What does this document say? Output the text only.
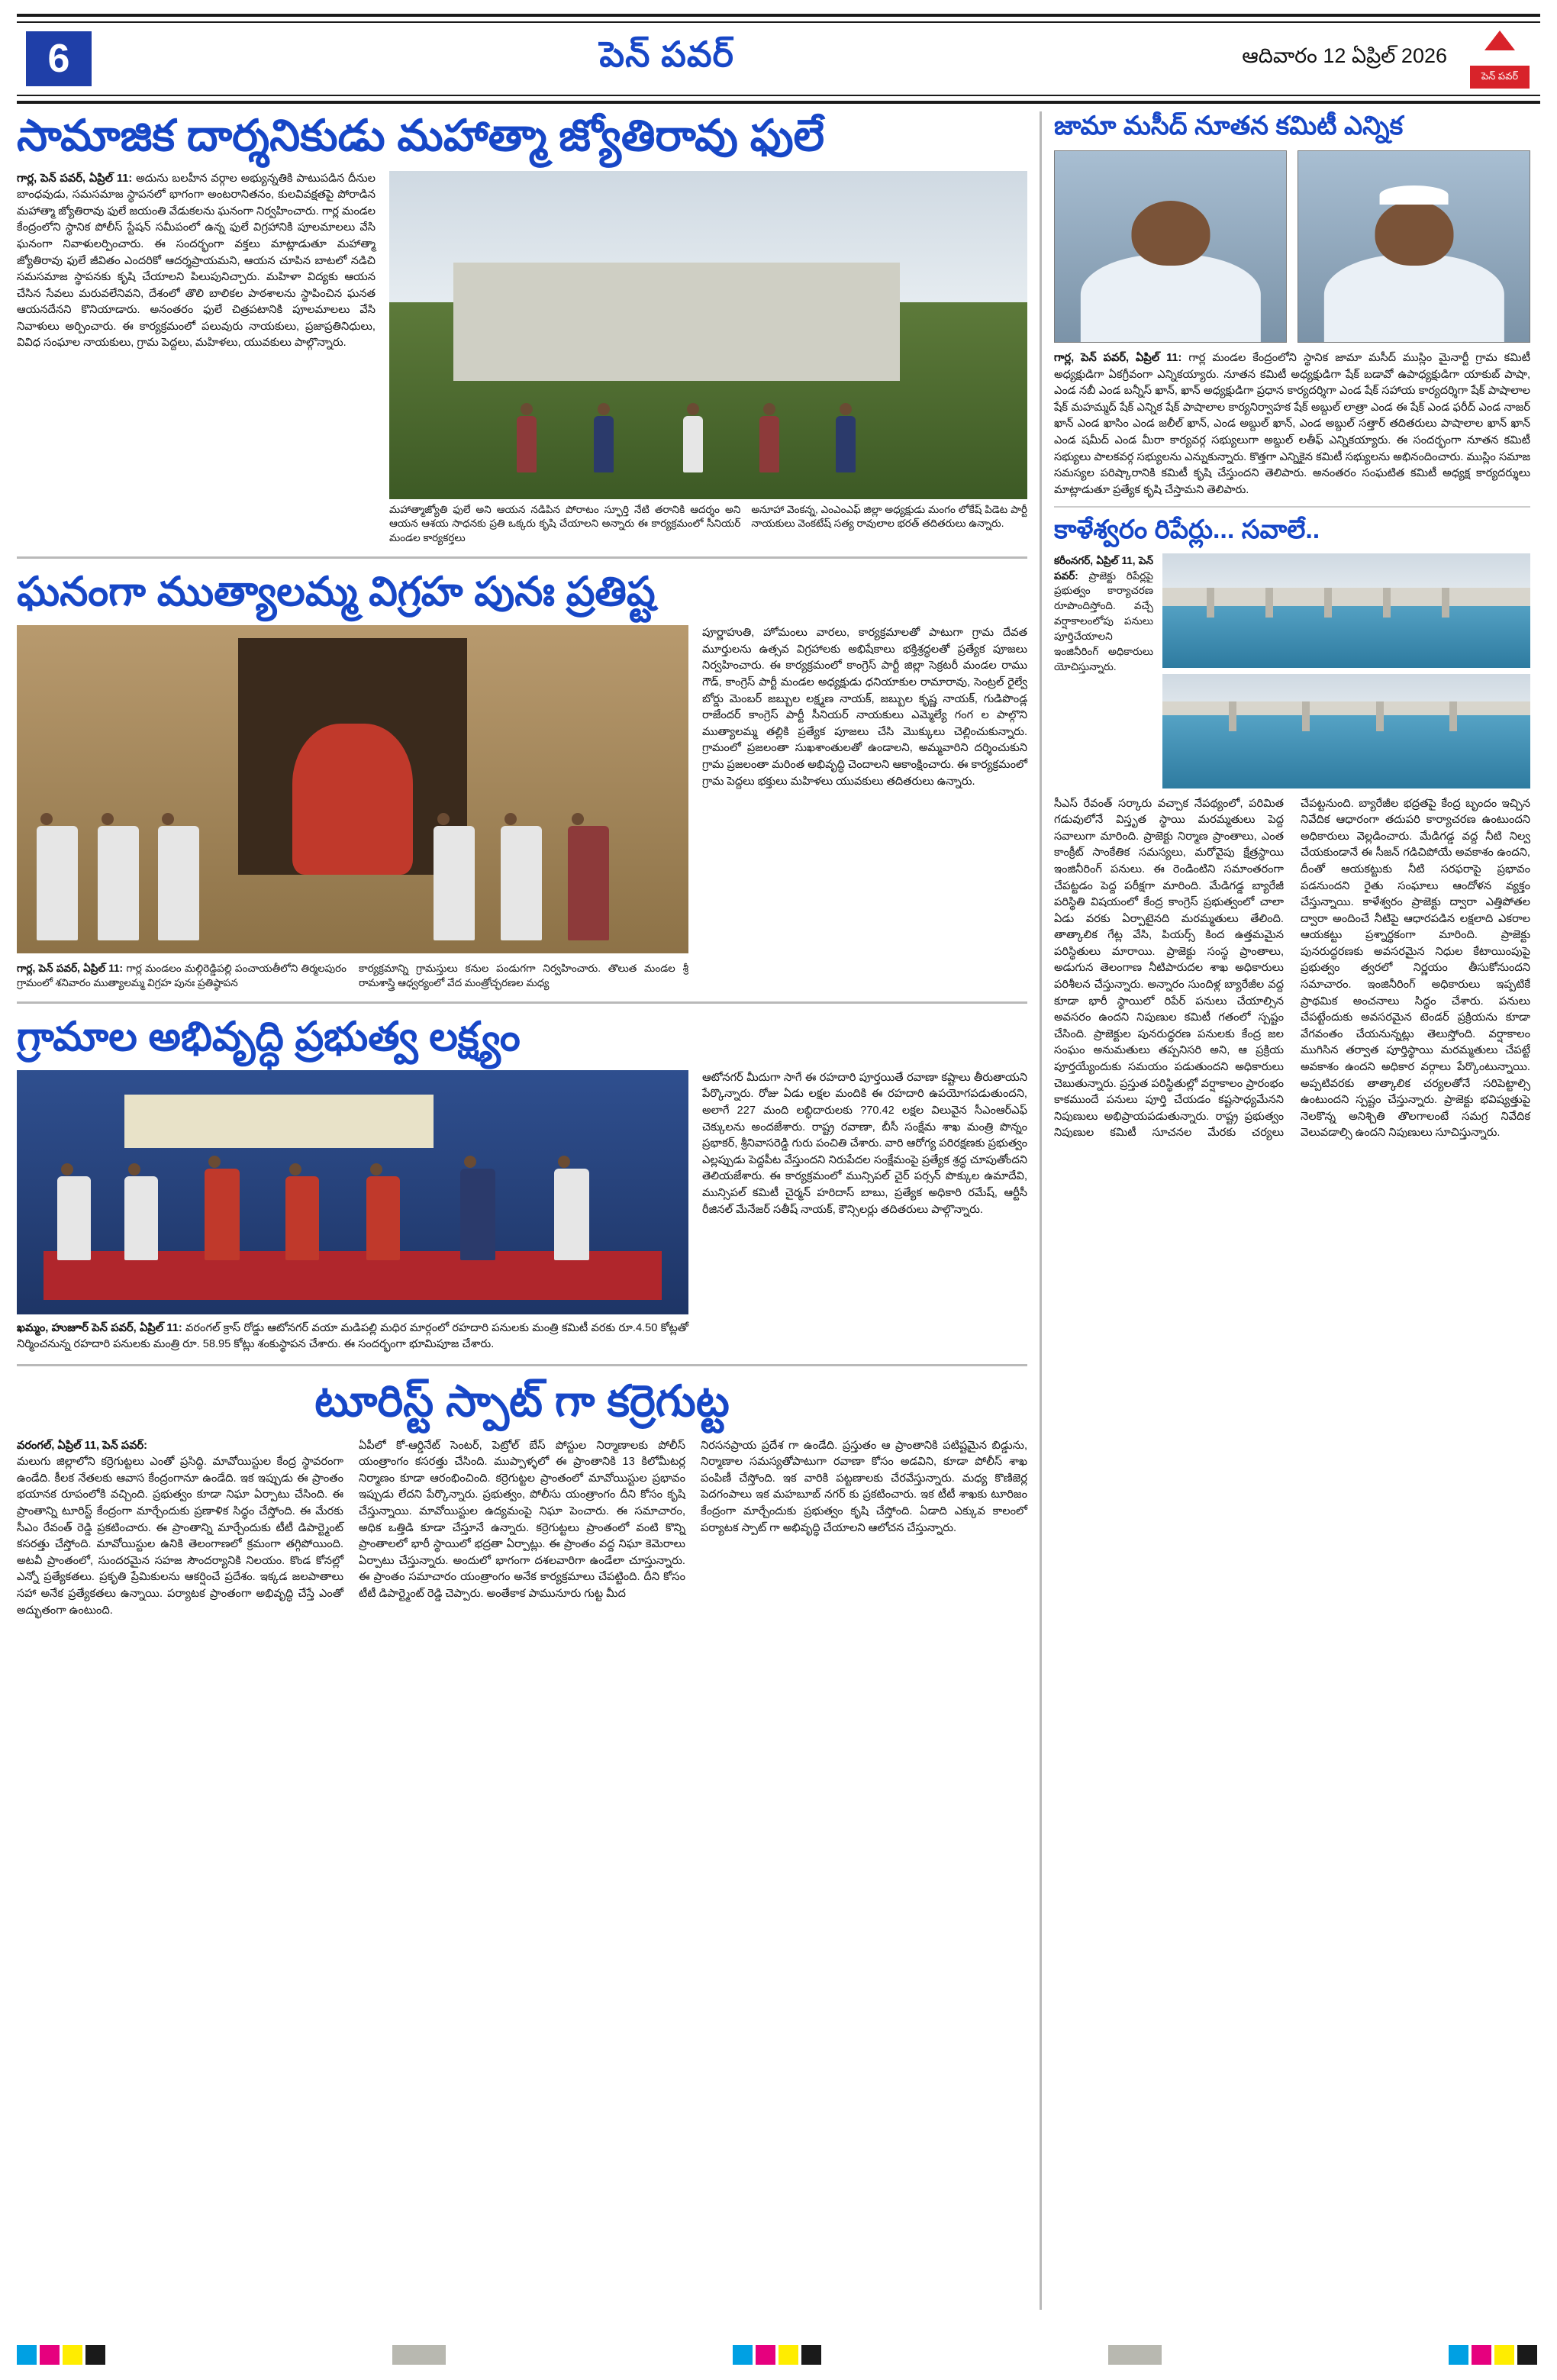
6	పెన్ పవర్	ఆదివారం 12 ఏప్రిల్ 2026
పెన్ పవర్
సామాజిక దార్శనికుడు మహాత్మా జ్యోతిరావు ఫులే
గార్ల, పెన్ పవర్, ఏప్రిల్ 11: అదును బలహీన వర్గాల అభ్యున్నతికి పాటుపడిన దీనుల బాంధవుడు, సమసమాజ స్థాపనలో భాగంగా అంటరానితనం, కులవివక్షతపై పోరాడిన మహాత్మా జ్యోతిరావు ఫులే జయంతి వేడుకలను ఘనంగా నిర్వహించారు. గార్ల మండల కేంద్రంలోని స్థానిక పోలీస్ స్టేషన్ సమీపంలో ఉన్న ఫులే విగ్రహానికి పూలమాలలు వేసి ఘనంగా నివాళులర్పించారు. ఈ సందర్భంగా వక్తలు మాట్లాడుతూ మహాత్మా జ్యోతిరావు ఫులే జీవితం ఎందరికో ఆదర్శప్రాయమని, ఆయన చూపిన బాటలో నడిచి సమసమాజ స్థాపనకు కృషి చేయాలని పిలుపునిచ్చారు. మహిళా విద్యకు ఆయన చేసిన సేవలు మరువలేనివని, దేశంలో తొలి బాలికల పాఠశాలను స్థాపించిన ఘనత ఆయనదేనని కొనియాడారు. అనంతరం ఫులే చిత్రపటానికి పూలమాలలు వేసి నివాళులు అర్పించారు. ఈ కార్యక్రమంలో పలువురు నాయకులు, ప్రజాప్రతినిధులు, వివిధ సంఘాల నాయకులు, గ్రామ పెద్దలు, మహిళలు, యువకులు పాల్గొన్నారు.
మహాత్మాజ్యోతి ఫులే అని ఆయన నడిపిన పోరాటం స్ఫూర్తి నేటి తరానికి ఆదర్శం అని ఆయన ఆశయ సాధనకు ప్రతి ఒక్కరు కృషి చేయాలని అన్నారు ఈ కార్యక్రమంలో సీనియర్ మండల కార్యకర్తలు
అనూహా వెంకన్న, ఎంఎంఎఫ్ జిల్లా అధ్యక్షుడు మంగం లోకేష్ పిడెట పార్టీ నాయకులు వెంకటేష్ సత్య రావులాల భరత్ తదితరులు ఉన్నారు.
ఘనంగా ముత్యాలమ్మ విగ్రహ పునః ప్రతిష్ట
గార్ల, పెన్ పవర్, ఏప్రిల్ 11: గార్ల మండలం మల్గిరెడ్డిపల్లి పంచాయతీలోని తిర్మలపురం గ్రామంలో శనివారం ముత్యాలమ్మ విగ్రహ పునః ప్రతిష్ఠాపన
కార్యక్రమాన్ని గ్రామస్తులు కనుల పండుగగా నిర్వహించారు. తొలుత మండల శ్రీ రామశాస్త్రి ఆధ్వర్యంలో వేద మంత్రోచ్ఛరణల మధ్య
పూర్ణాహుతి, హోమంలు వారలు, కార్యక్రమాలతో పాటుగా గ్రామ దేవత మూర్తులను ఉత్సవ విగ్రహాలకు అభిషేకాలు భక్తిశ్రద్ధలతో ప్రత్యేక పూజలు నిర్వహించారు. ఈ కార్యక్రమంలో కాంగ్రెస్ పార్టీ జిల్లా సెక్రటరీ మండల రాము గౌడ్, కాంగ్రెస్ పార్టీ మండల అధ్యక్షుడు ధనియాకుల రామారావు, సెంట్రల్ రైల్వే బోర్డు మెంబర్ జబ్బుల లక్ష్మణ నాయక్, జబ్బుల కృష్ణ నాయక్, గుడిపొండ్ల రాజేందర్ కాంగ్రెస్ పార్టీ సీనియర్ నాయకులు ఎమ్మెల్యే గంగ ల పాల్గొని ముత్యాలమ్మ తల్లికి ప్రత్యేక పూజలు చేసి మొక్కులు చెల్లించుకున్నారు. గ్రామంలో ప్రజలంతా సుఖశాంతులతో ఉండాలని, అమ్మవారిని దర్శించుకుని గ్రామ ప్రజలంతా మరింత అభివృద్ధి చెందాలని ఆకాంక్షించారు. ఈ కార్యక్రమంలో గ్రామ పెద్దలు భక్తులు మహిళలు యువకులు తదితరులు ఉన్నారు.
గ్రామాల అభివృద్ధి ప్రభుత్వ లక్ష్యం
ఖమ్మం, హుజూర్ పెన్ పవర్, ఏప్రిల్ 11: వరంగల్ క్రాస్ రోడ్డు ఆటోనగర్ వయా మడిపల్లి మధిర మార్గంలో రహదారి పనులకు మంత్రి కమిటీ వరకు రూ.4.50 కోట్లతో నిర్మించనున్న రహదారి పనులకు మంత్రి రూ. 58.95 కోట్లు శంకుస్థాపన చేశారు. ఈ సందర్భంగా భూమిపూజ చేశారు.
ఆటోనగర్ మీదుగా సాగే ఈ రహదారి పూర్తయితే రవాణా కష్టాలు తీరుతాయని పేర్కొన్నారు. రోజు ఏడు లక్షల మందికి ఈ రహదారి ఉపయోగపడుతుందని, అలాగే 227 మంది లబ్ధిదారులకు ?70.42 లక్షల విలువైన సీఎంఆర్ఎఫ్ చెక్కులను అందజేశారు. రాష్ట్ర రవాణా, బీసీ సంక్షేమ శాఖ మంత్రి పొన్నం ప్రభాకర్, శ్రీనివాసరెడ్డి గురు పంచితి చేశారు. వారి ఆరోగ్య పరిరక్షణకు ప్రభుత్వం ఎల్లప్పుడు పెద్దపీట వేస్తుందని నిరుపేదల సంక్షేమంపై ప్రత్యేక శ్రద్ధ చూపుతోందని తెలియజేశారు. ఈ కార్యక్రమంలో మున్సిపల్ చైర్ పర్సన్ పొక్కుల ఉమాదేవి, మున్సిపల్ కమిటీ చైర్మన్ హరిదాస్ బాబు, ప్రత్యేక అధికారి రమేష్, ఆర్టీసీ రీజినల్ మేనేజర్ సతీష్ నాయక్, కౌన్సిలర్లు తదితరులు పాల్గొన్నారు.
టూరిస్ట్ స్పాట్ గా కర్రెగుట్ట
వరంగల్, ఏప్రిల్ 11, పెన్ పవర్:
మలుగు జిల్లాలోని కర్రెగుట్టలు ఎంతో ప్రసిద్ధి. మావోయిస్టుల కేంద్ర స్థావరంగా ఉండేది. కీలక నేతలకు ఆవాస కేంద్రంగానూ ఉండేది. ఇక ఇప్పుడు ఈ ప్రాంతం భయానక రూపంలోకి వచ్చింది. ప్రభుత్వం కూడా నిఘా ఏర్పాటు చేసింది. ఈ ప్రాంతాన్ని టూరిస్ట్ కేంద్రంగా మార్చేందుకు ప్రణాళిక సిద్ధం చేస్తోంది. ఈ మేరకు సీఎం రేవంత్ రెడ్డి ప్రకటించారు. ఈ ప్రాంతాన్ని మార్చేందుకు టీటీ డిపార్ట్మెంట్ కసరత్తు చేస్తోంది. మావోయిస్టుల ఉనికి తెలంగాణలో క్రమంగా తగ్గిపోయింది. అటవీ ప్రాంతంలో, సుందరమైన సహజ సౌందర్యానికి నిలయం. కొండ కోనల్లో ఎన్నో ప్రత్యేకతలు. ప్రకృతి ప్రేమికులను ఆకర్షించే ప్రదేశం. ఇక్కడ జలపాతాలు సహా అనేక ప్రత్యేకతలు ఉన్నాయి. పర్యాటక ప్రాంతంగా అభివృద్ధి చేస్తే ఎంతో అద్భుతంగా ఉంటుంది.
ఏపీలో కో-ఆర్డినేట్ సెంటర్, పెట్రోల్ బేస్ పోస్టుల నిర్మాణాలకు పోలీస్ యంత్రాంగం కసరత్తు చేసింది. ముప్పాళ్ళలో ఈ ప్రాంతానికి 13 కిలోమీటర్ల నిర్మాణం కూడా ఆరంభించింది. కర్రెగుట్టల ప్రాంతంలో మావోయిస్టుల ప్రభావం ఇప్పుడు లేదని పేర్కొన్నారు. ప్రభుత్వం, పోలీసు యంత్రాంగం దీని కోసం కృషి చేస్తున్నాయి. మావోయిస్టుల ఉద్యమంపై నిఘా పెంచారు. ఈ సమాచారం, అధిక ఒత్తిడి కూడా చేస్తూనే ఉన్నారు. కర్రెగుట్టలు ప్రాంతంలో వంటి కొన్ని ప్రాంతాలలో భారీ స్థాయిలో భద్రతా ఏర్పాట్లు. ఈ ప్రాంతం వద్ద నిఘా కెమెరాలు ఏర్పాటు చేస్తున్నారు. అందులో భాగంగా దశలవారిగా ఉండేలా చూస్తున్నారు. ఈ ప్రాంతం సమాచారం యంత్రాంగం అనేక కార్యక్రమాలు చేపట్టింది. దీని కోసం టీటీ డిపార్ట్మెంట్ రెడ్డి చెప్పారు. అంతేకాక పామునూరు గుట్ట మీద
నిరసనప్రాయ ప్రదేశ గా ఉండేది. ప్రస్తుతం ఆ ప్రాంతానికి పటిష్టమైన బిడ్డును, నిర్మాణాల సమస్యతోపాటుగా రవాణా కోసం అడవిని, కూడా పోలీస్ శాఖ పంపిణీ చేస్తోంది. ఇక వారికి పట్టణాలకు చేరవేస్తున్నారు. మధ్య కొణిజెర్ల పెదగంపాలు ఇక మహబూబ్ నగర్ కు ప్రకటించారు. ఇక టీటీ శాఖకు టూరిజం కేంద్రంగా మార్చేందుకు ప్రభుత్వం కృషి చేస్తోంది. ఏడాది ఎక్కువ కాలంలో పర్యాటక స్పాట్ గా అభివృద్ధి చేయాలని ఆలోచన చేస్తున్నారు.
జామా మసీద్ నూతన కమిటీ ఎన్నిక
గార్ల, పెన్ పవర్, ఏప్రిల్ 11: గార్ల మండల కేంద్రంలోని స్థానిక జామా మసీద్ ముస్లిం మైనార్టీ గ్రామ కమిటీ అధ్యక్షుడిగా ఏకగ్రీవంగా ఎన్నికయ్యారు. నూతన కమిటీ అధ్యక్షుడిగా షేక్ బడావో ఉపాధ్యక్షుడిగా యాకుబ్ పాషా, ఎండ నబీ ఎండ బన్నీస్ ఖాన్, ఖాన్ అధ్యక్షుడిగా ప్రధాన కార్యదర్శిగా ఎండ షేక్ సహాయ కార్యదర్శిగా షేక్ పాషాలాల షేక్ మహమ్మద్ షేక్ ఎన్నిక షేక్ పాషాలాల కార్యనిర్వాహక షేక్ అబ్దుల్ లాత్రా ఎండ ఈ షేక్ ఎండ ఫరీద్ ఎండ నాజర్ ఖాన్ ఎండ ఖాసిం ఎండ జలీల్ ఖాన్, ఎండ అబ్దుల్ ఖాన్, ఎండ అబ్దుల్ సత్తార్ తదితరులు పాషాలాల ఖాన్ ఖాన్ ఎండ షమీద్ ఎండ మీరా కార్యవర్గ సభ్యులుగా అబ్దుల్ లతీఫ్ ఎన్నికయ్యారు. ఈ సందర్భంగా నూతన కమిటీ సభ్యులు పాలకవర్గ సభ్యులను ఎన్నుకున్నారు. కొత్తగా ఎన్నికైన కమిటీ సభ్యులను అభినందించారు. ముస్లిం సమాజ సమస్యల పరిష్కారానికి కమిటీ కృషి చేస్తుందని తెలిపారు. అనంతరం సంఘటిత కమిటీ అధ్యక్ష కార్యదర్శులు మాట్లాడుతూ ప్రత్యేక కృషి చేస్తామని తెలిపారు.
కాళేశ్వరం రిపేర్లు... సవాలే..
కరీంనగర్, ఏప్రిల్ 11, పెన్ పవర్: ప్రాజెక్టు రిపేర్లపై ప్రభుత్వం కార్యాచరణ రూపొందిస్తోంది. వచ్చే వర్షాకాలంలోపు పనులు పూర్తిచేయాలని ఇంజినీరింగ్ అధికారులు యోచిస్తున్నారు.
సీఎస్ రేవంత్ సర్కారు వచ్చాక నేపథ్యంలో, పరిమిత గడువులోనే విస్తృత స్థాయి మరమ్మతులు పెద్ద సవాలుగా మారింది. ప్రాజెక్టు నిర్మాణ ప్రాంతాలు, ఎంత కాంక్రీట్ సాంకేతిక సమస్యలు, మరోవైపు క్షేత్రస్థాయి ఇంజినీరింగ్ పనులు. ఈ రెండింటిని సమాంతరంగా చేపట్టడం పెద్ద పరీక్షగా మారింది. మేడిగడ్డ బ్యారేజీ పరిస్థితి విషయంలో కేంద్ర కాంగ్రెస్ ప్రభుత్వంలో చాలా ఏడు వరకు ఏర్పాటైనది మరమ్మతులు తేలింది. తాత్కాలిక గేట్ల వేసి, పియర్స్ కింద ఉత్తమమైన పరిస్థితులు మారాయి. ప్రాజెక్టు సంస్థ ప్రాంతాలు, అడుగున తెలంగాణ నీటిపారుదల శాఖ అధికారులు పరిశీలన చేస్తున్నారు. అన్నారం సుందిళ్ల బ్యారేజీల వద్ద కూడా భారీ స్థాయిలో రిపేర్ పనులు చేయాల్సిన అవసరం ఉందని నిపుణుల కమిటీ గతంలో స్పష్టం చేసింది. ప్రాజెక్టుల పునరుద్ధరణ పనులకు కేంద్ర జల సంఘం అనుమతులు తప్పనిసరి అని, ఆ ప్రక్రియ పూర్తయ్యేందుకు సమయం పడుతుందని అధికారులు చెబుతున్నారు. ప్రస్తుత పరిస్థితుల్లో వర్షాకాలం ప్రారంభం కాకముందే పనులు పూర్తి చేయడం కష్టసాధ్యమేనని నిపుణులు అభిప్రాయపడుతున్నారు. రాష్ట్ర ప్రభుత్వం నిపుణుల కమిటీ సూచనల మేరకు చర్యలు చేపట్టనుంది. బ్యారేజీల భద్రతపై కేంద్ర బృందం ఇచ్చిన నివేదిక ఆధారంగా తదుపరి కార్యాచరణ ఉంటుందని అధికారులు వెల్లడించారు. మేడిగడ్డ వద్ద నీటి నిల్వ చేయకుండానే ఈ సీజన్ గడిచిపోయే అవకాశం ఉందని, దీంతో ఆయకట్టుకు నీటి సరఫరాపై ప్రభావం పడనుందని రైతు సంఘాలు ఆందోళన వ్యక్తం చేస్తున్నాయి. కాళేశ్వరం ప్రాజెక్టు ద్వారా ఎత్తిపోతల ద్వారా అందించే నీటిపై ఆధారపడిన లక్షలాది ఎకరాల ఆయకట్టు ప్రశ్నార్థకంగా మారింది. ప్రాజెక్టు పునరుద్ధరణకు అవసరమైన నిధుల కేటాయింపుపై ప్రభుత్వం త్వరలో నిర్ణయం తీసుకోనుందని సమాచారం. ఇంజినీరింగ్ అధికారులు ఇప్పటికే ప్రాథమిక అంచనాలు సిద్ధం చేశారు. పనులు చేపట్టేందుకు అవసరమైన టెండర్ ప్రక్రియను కూడా వేగవంతం చేయనున్నట్లు తెలుస్తోంది. వర్షాకాలం ముగిసిన తర్వాత పూర్తిస్థాయి మరమ్మతులు చేపట్టే అవకాశం ఉందని అధికార వర్గాలు పేర్కొంటున్నాయి. అప్పటివరకు తాత్కాలిక చర్యలతోనే సరిపెట్టాల్సి ఉంటుందని స్పష్టం చేస్తున్నారు. ప్రాజెక్టు భవిష్యత్తుపై నెలకొన్న అనిశ్చితి తొలగాలంటే సమగ్ర నివేదిక వెలువడాల్సి ఉందని నిపుణులు సూచిస్తున్నారు.
